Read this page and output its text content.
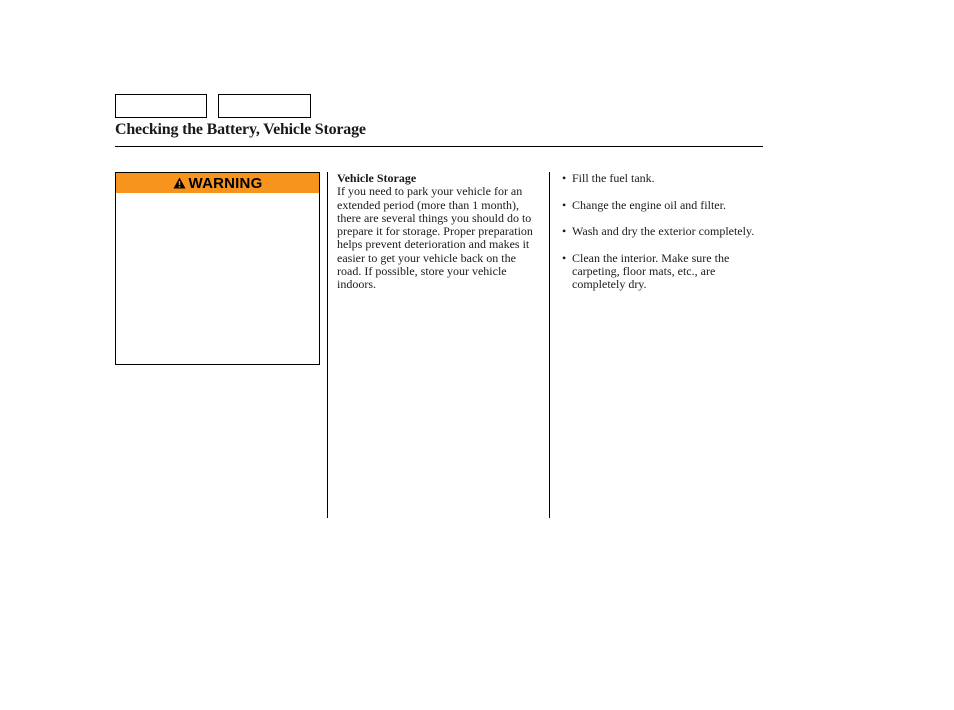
Checking the Battery, Vehicle Storage
WARNING	Vehicle Storage

If you need to park your vehicle for an extended period (more than 1 month), there are several things you should do to prepare it for storage. Proper preparation helps prevent deterioration and makes it easier to get your vehicle back on the road. If possible, store your vehicle indoors.

• Fill the fuel tank.
• Change the engine oil and filter.
• Wash and dry the exterior completely.
• Clean the interior. Make sure the carpeting, floor mats, etc., are completely dry.
